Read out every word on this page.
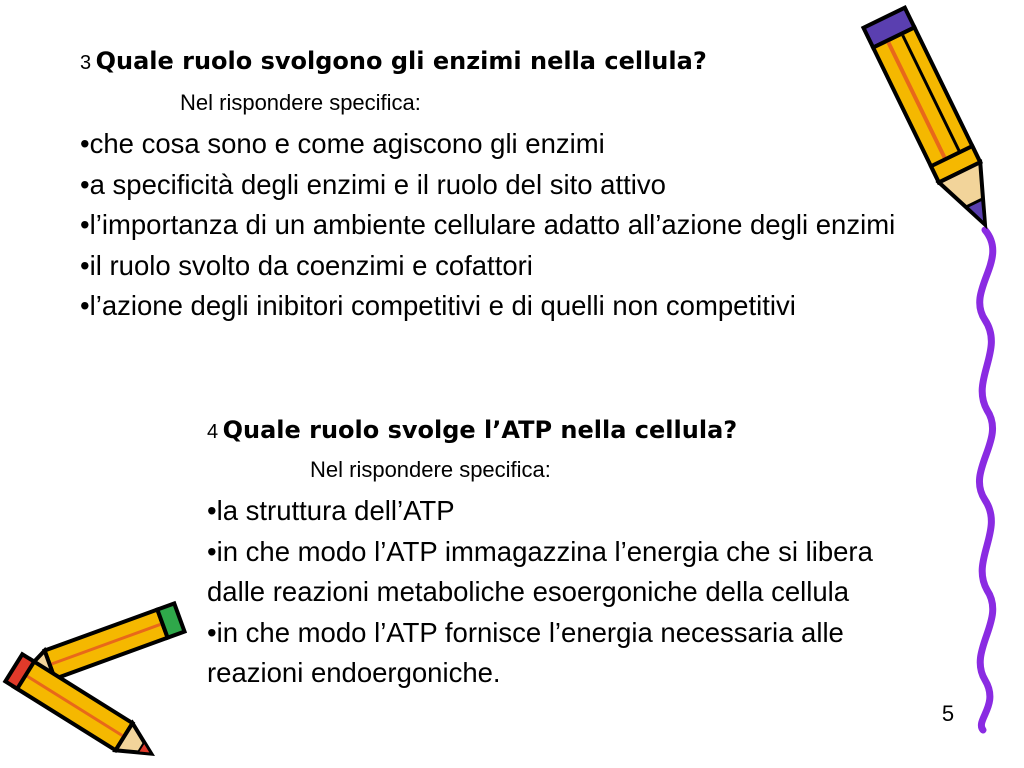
3 Quale ruolo svolgono gli enzimi nella cellula?
Nel rispondere specifica:
•che cosa sono e come agiscono gli enzimi
•a specificità degli enzimi e il ruolo del sito attivo
•l’importanza di un ambiente cellulare adatto all’azione degli enzimi
•il ruolo svolto da coenzimi e cofattori
•l’azione degli inibitori competitivi e di quelli non competitivi
4 Quale ruolo svolge l’ATP nella cellula?
Nel rispondere specifica:
•la struttura dell’ATP
•in che modo l’ATP immagazzina l’energia che si libera dalle reazioni metaboliche esoergoniche della cellula
•in che modo l’ATP fornisce l’energia necessaria alle reazioni endoergoniche.
5
